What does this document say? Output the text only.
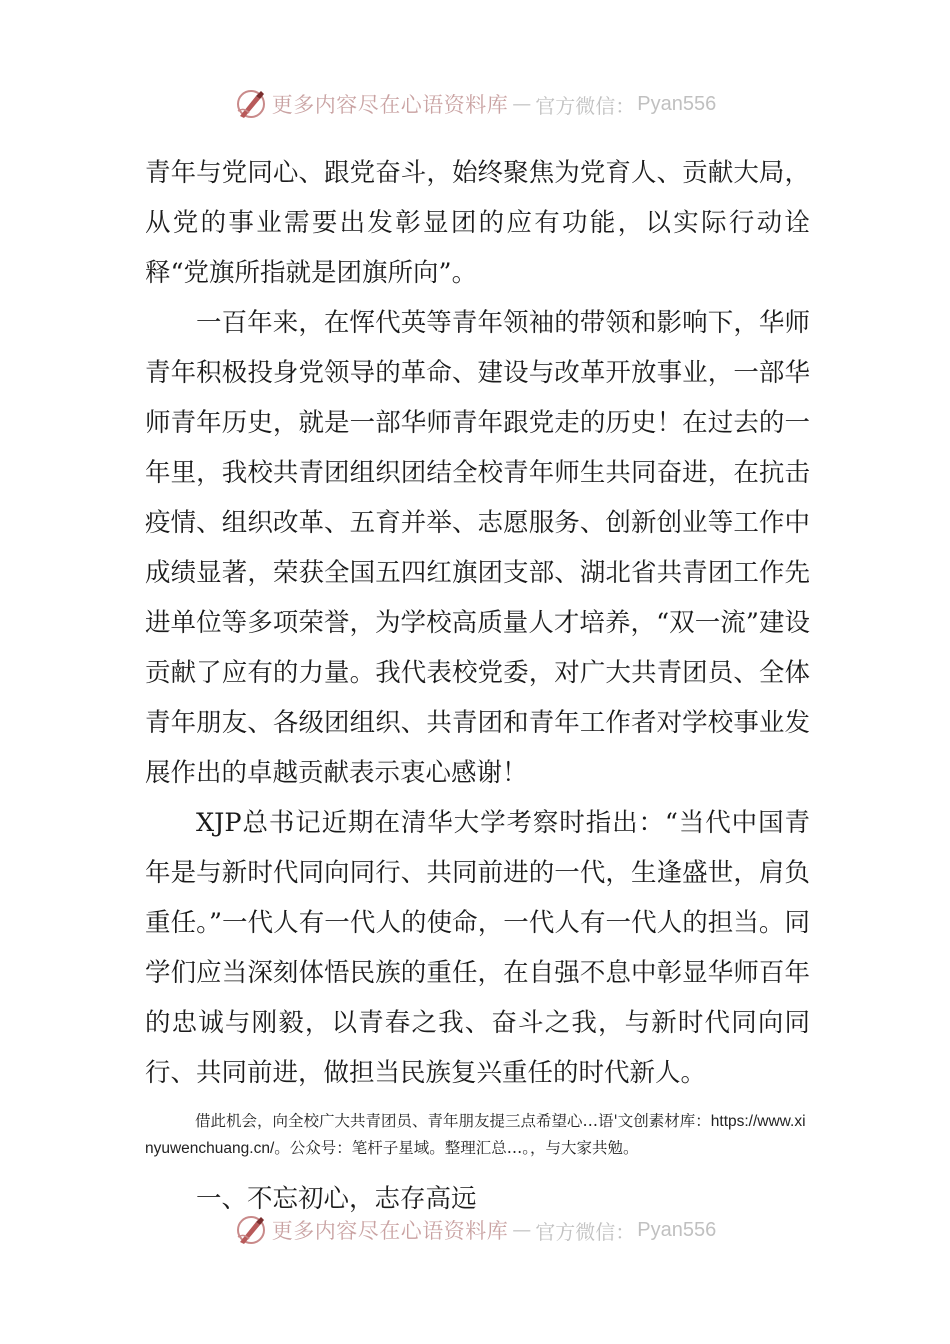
更多内容尽在心语资料库 — 官方微信： Pyan556

青年与党同心、跟党奋斗，始终聚焦为党育人、贡献大局，从党的事业需要出发彰显团的应有功能，以实际行动诠释“党旗所指就是团旗所向”。

一百年来，在恽代英等青年领袖的带领和影响下，华师青年积极投身党领导的革命、建设与改革开放事业，一部华师青年历史，就是一部华师青年跟党走的历史！在过去的一年里，我校共青团组织团结全校青年师生共同奋进，在抗击疫情、组织改革、五育并举、志愿服务、创新创业等工作中成绩显著，荣获全国五四红旗团支部、湖北省共青团工作先进单位等多项荣誉，为学校高质量人才培养，“双一流”建设贡献了应有的力量。我代表校党委，对广大共青团员、全体青年朋友、各级团组织、共青团和青年工作者对学校事业发展作出的卓越贡献表示衷心感谢！

XJP总书记近期在清华大学考察时指出：“当代中国青年是与新时代同向同行、共同前进的一代，生逢盛世，肩负重任。”一代人有一代人的使命，一代人有一代人的担当。同学们应当深刻体悟民族的重任，在自强不息中彰显华师百年的忠诚与刚毅，以青春之我、奋斗之我，与新时代同向同行、共同前进，做担当民族复兴重任的时代新人。

借此机会，向全校广大共青团员、青年朋友提三点希望心…语'文创素材库：https://www.xinyuwenchuang.cn/。公众号：笔杆子星域。整理汇总…。，与大家共勉。

一、不忘初心，志存高远

更多内容尽在心语资料库 — 官方微信： Pyan556
